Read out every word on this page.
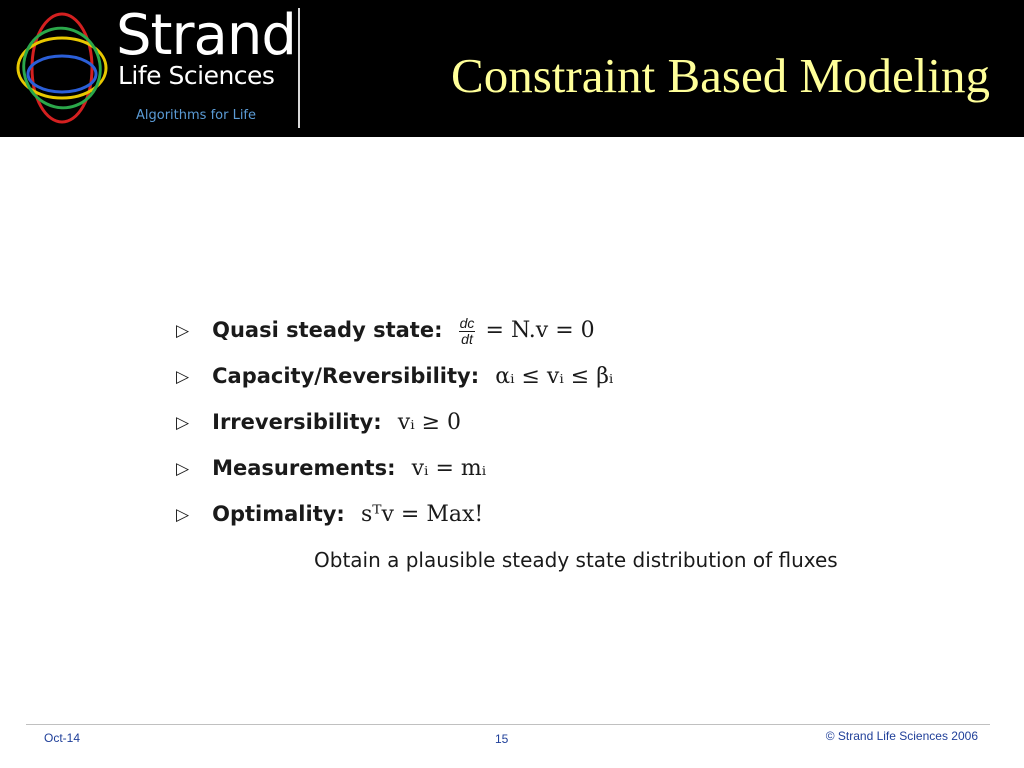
Strand
Life Sciences
Algorithms for Life
Constraint Based Modeling
▷ Quasi steady state: $\frac{dc}{dt} = N.v = 0$
▷ Capacity/Reversibility: αᵢ ≤ vᵢ ≤ βᵢ
▷ Irreversibility: vᵢ ≥ 0
▷ Measurements: vᵢ = mᵢ
▷ Optimality: sᵀv = Max!
Obtain a plausible steady state distribution of fluxes
Oct-14	15	© Strand Life Sciences 2006
